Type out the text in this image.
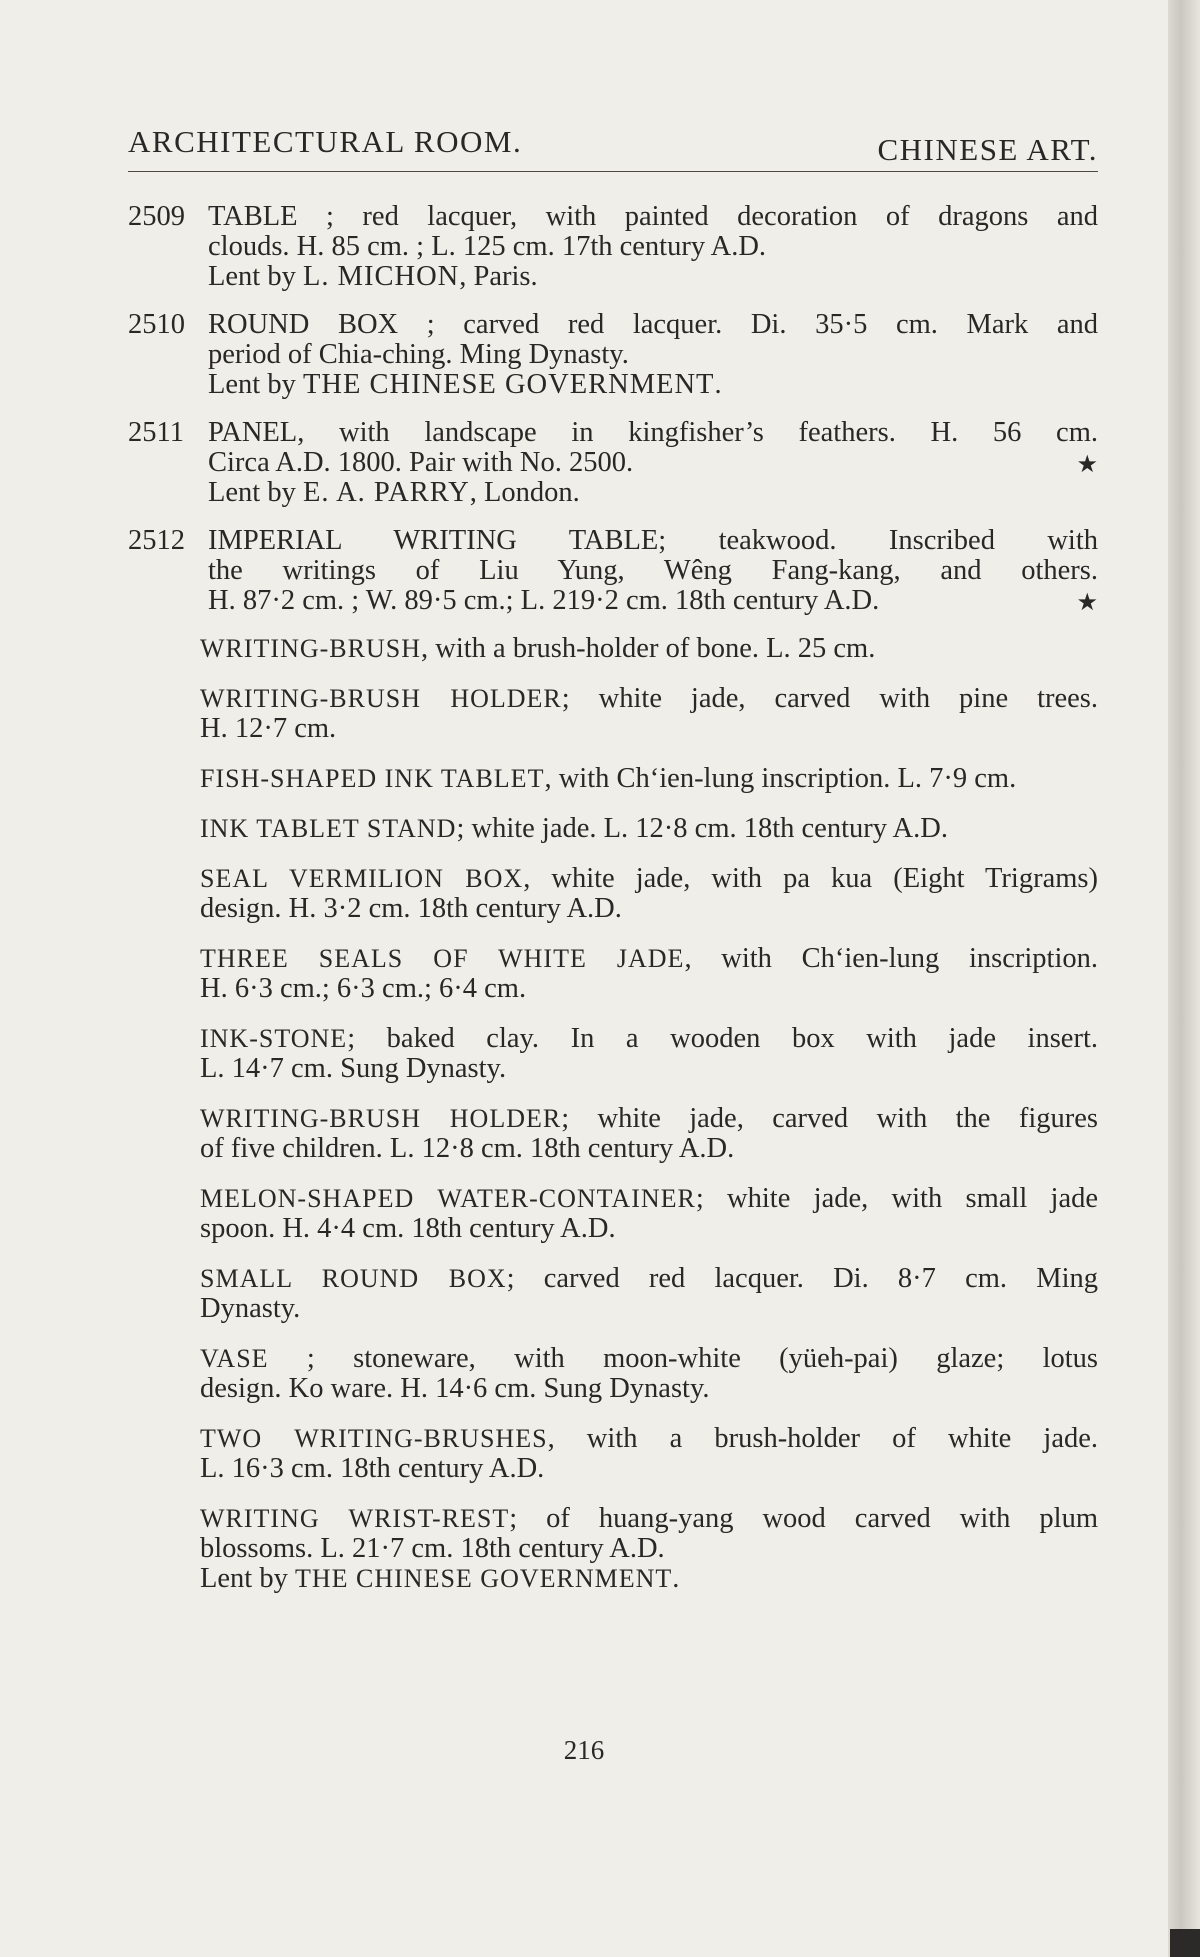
ARCHITECTURAL ROOM.	CHINESE ART.
2509 TABLE ; red lacquer, with painted decoration of dragons and
clouds. H. 85 cm. ; L. 125 cm. 17th century A.D.
Lent by L. MICHON, Paris.
2510 ROUND BOX ; carved red lacquer. Di. 35·5 cm. Mark and
period of Chia-ching. Ming Dynasty.
Lent by THE CHINESE GOVERNMENT.
2511 PANEL, with landscape in kingfisher’s feathers. H. 56 cm.
Circa A.D. 1800. Pair with No. 2500.	★
Lent by E. A. PARRY, London.
2512 IMPERIAL WRITING TABLE; teakwood. Inscribed with
the writings of Liu Yung, Wêng Fang-kang, and others.
H. 87·2 cm. ; W. 89·5 cm.; L. 219·2 cm. 18th century A.D.	★
WRITING-BRUSH, with a brush-holder of bone. L. 25 cm.
WRITING-BRUSH HOLDER; white jade, carved with pine trees.
H. 12·7 cm.
FISH-SHAPED INK TABLET, with Ch‘ien-lung inscription. L. 7·9 cm.
INK TABLET STAND; white jade. L. 12·8 cm. 18th century A.D.
SEAL VERMILION BOX, white jade, with pa kua (Eight Trigrams)
design. H. 3·2 cm. 18th century A.D.
THREE SEALS OF WHITE JADE, with Ch‘ien-lung inscription.
H. 6·3 cm.; 6·3 cm.; 6·4 cm.
INK-STONE; baked clay. In a wooden box with jade insert.
L. 14·7 cm. Sung Dynasty.
WRITING-BRUSH HOLDER; white jade, carved with the figures
of five children. L. 12·8 cm. 18th century A.D.
MELON-SHAPED WATER-CONTAINER; white jade, with small jade
spoon. H. 4·4 cm. 18th century A.D.
SMALL ROUND BOX; carved red lacquer. Di. 8·7 cm. Ming
Dynasty.
VASE ; stoneware, with moon-white (yüeh-pai) glaze; lotus
design. Ko ware. H. 14·6 cm. Sung Dynasty.
TWO WRITING-BRUSHES, with a brush-holder of white jade.
L. 16·3 cm. 18th century A.D.
WRITING WRIST-REST; of huang-yang wood carved with plum
blossoms. L. 21·7 cm. 18th century A.D.
Lent by THE CHINESE GOVERNMENT.
216
